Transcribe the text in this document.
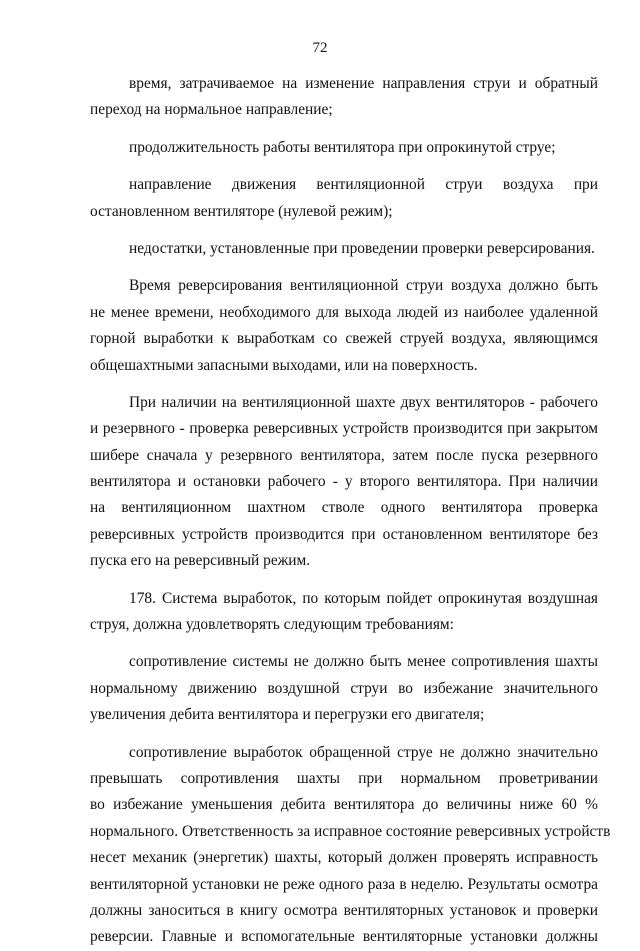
72
время, затрачиваемое на изменение направления струи и обратный
переход на нормальное направление;
продолжительность работы вентилятора при опрокинутой струе;
направление движения вентиляционной струи воздуха при
остановленном вентиляторе (нулевой режим);
недостатки, установленные при проведении проверки реверсирования.
Время реверсирования вентиляционной струи воздуха должно быть
не менее времени, необходимого для выхода людей из наиболее удаленной
горной выработки к выработкам со свежей струей воздуха, являющимся
общешахтными запасными выходами, или на поверхность.
При наличии на вентиляционной шахте двух вентиляторов - рабочего
и резервного - проверка реверсивных устройств производится при закрытом
шибере сначала у резервного вентилятора, затем после пуска резервного
вентилятора и остановки рабочего - у второго вентилятора. При наличии
на вентиляционном шахтном стволе одного вентилятора проверка
реверсивных устройств производится при остановленном вентиляторе без
пуска его на реверсивный режим.
178. Система выработок, по которым пойдет опрокинутая воздушная
струя, должна удовлетворять следующим требованиям:
сопротивление системы не должно быть менее сопротивления шахты
нормальному движению воздушной струи во избежание значительного
увеличения дебита вентилятора и перегрузки его двигателя;
сопротивление выработок обращенной струе не должно значительно
превышать сопротивления шахты при нормальном проветривании
во избежание уменьшения дебита вентилятора до величины ниже 60 %
нормального. Ответственность за исправное состояние реверсивных устройств
несет механик (энергетик) шахты, который должен проверять исправность
вентиляторной установки не реже одного раза в неделю. Результаты осмотра
должны заноситься в книгу осмотра вентиляторных установок и проверки
реверсии. Главные и вспомогательные вентиляторные установки должны
